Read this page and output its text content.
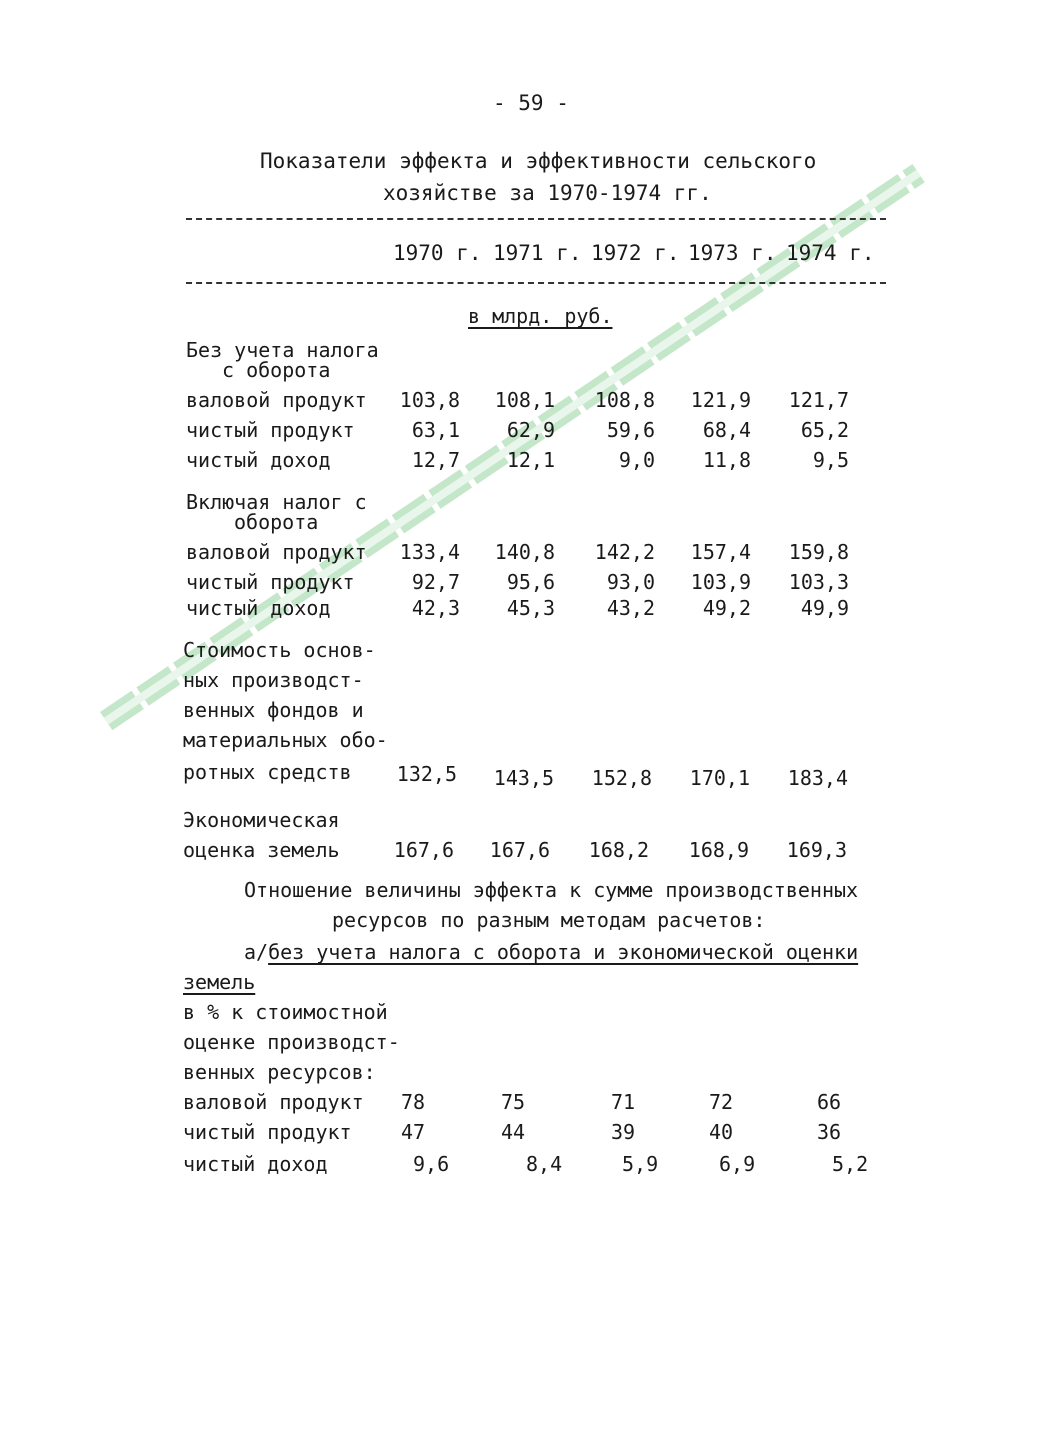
- 59 -
Показатели эффекта и эффективности сельского
хозяйстве за 1970-1974 гг.
1970 г. 1971 г. 1972 г. 1973 г. 1974 г.
в млрд. руб.
Без учета налога
с оборота
валовой продукт	103,8	108,1	108,8	121,9	121,7
чистый продукт	63,1	62,9	59,6	68,4	65,2
чистый доход	12,7	12,1	9,0	11,8	9,5
Включая налог с
оборота
валовой продукт	133,4	140,8	142,2	157,4	159,8
чистый продукт	92,7	95,6	93,0	103,9	103,3
чистый доход	42,3	45,3	43,2	49,2	49,9
Стоимость основ-
ных производст-
венных фондов и
материальных обо-
ротных средств	132,5	143,5	152,8	170,1	183,4
Экономическая
оценка земель	167,6	167,6	168,2	168,9	169,3
Отношение величины эффекта к сумме производственных
ресурсов по разным методам расчетов:
а/без учета налога с оборота и экономической оценки
земель
в % к стоимостной
оценке производст-
венных ресурсов:
валовой продукт 78	75	71	72	66
чистый продукт 47	44	39	40	36
чистый доход	9,6	8,4	5,9	6,9	5,2
